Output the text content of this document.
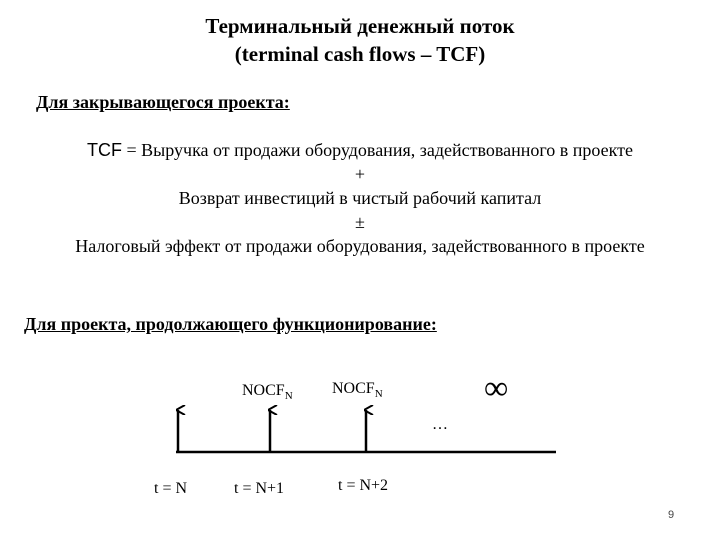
Терминальный денежный поток
(terminal cash flows – TCF)
Для закрывающегося проекта:
TCF = Выручка от продажи оборудования, задействованного в проекте
+
Возврат инвестиций в чистый рабочий капитал
±
Налоговый эффект от продажи оборудования, задействованного в проекте
Для проекта, продолжающего функционирование:
$NOCF_N$ $NOCF_N$	∞
…
t = N	t = N+1	t = N+2
9
